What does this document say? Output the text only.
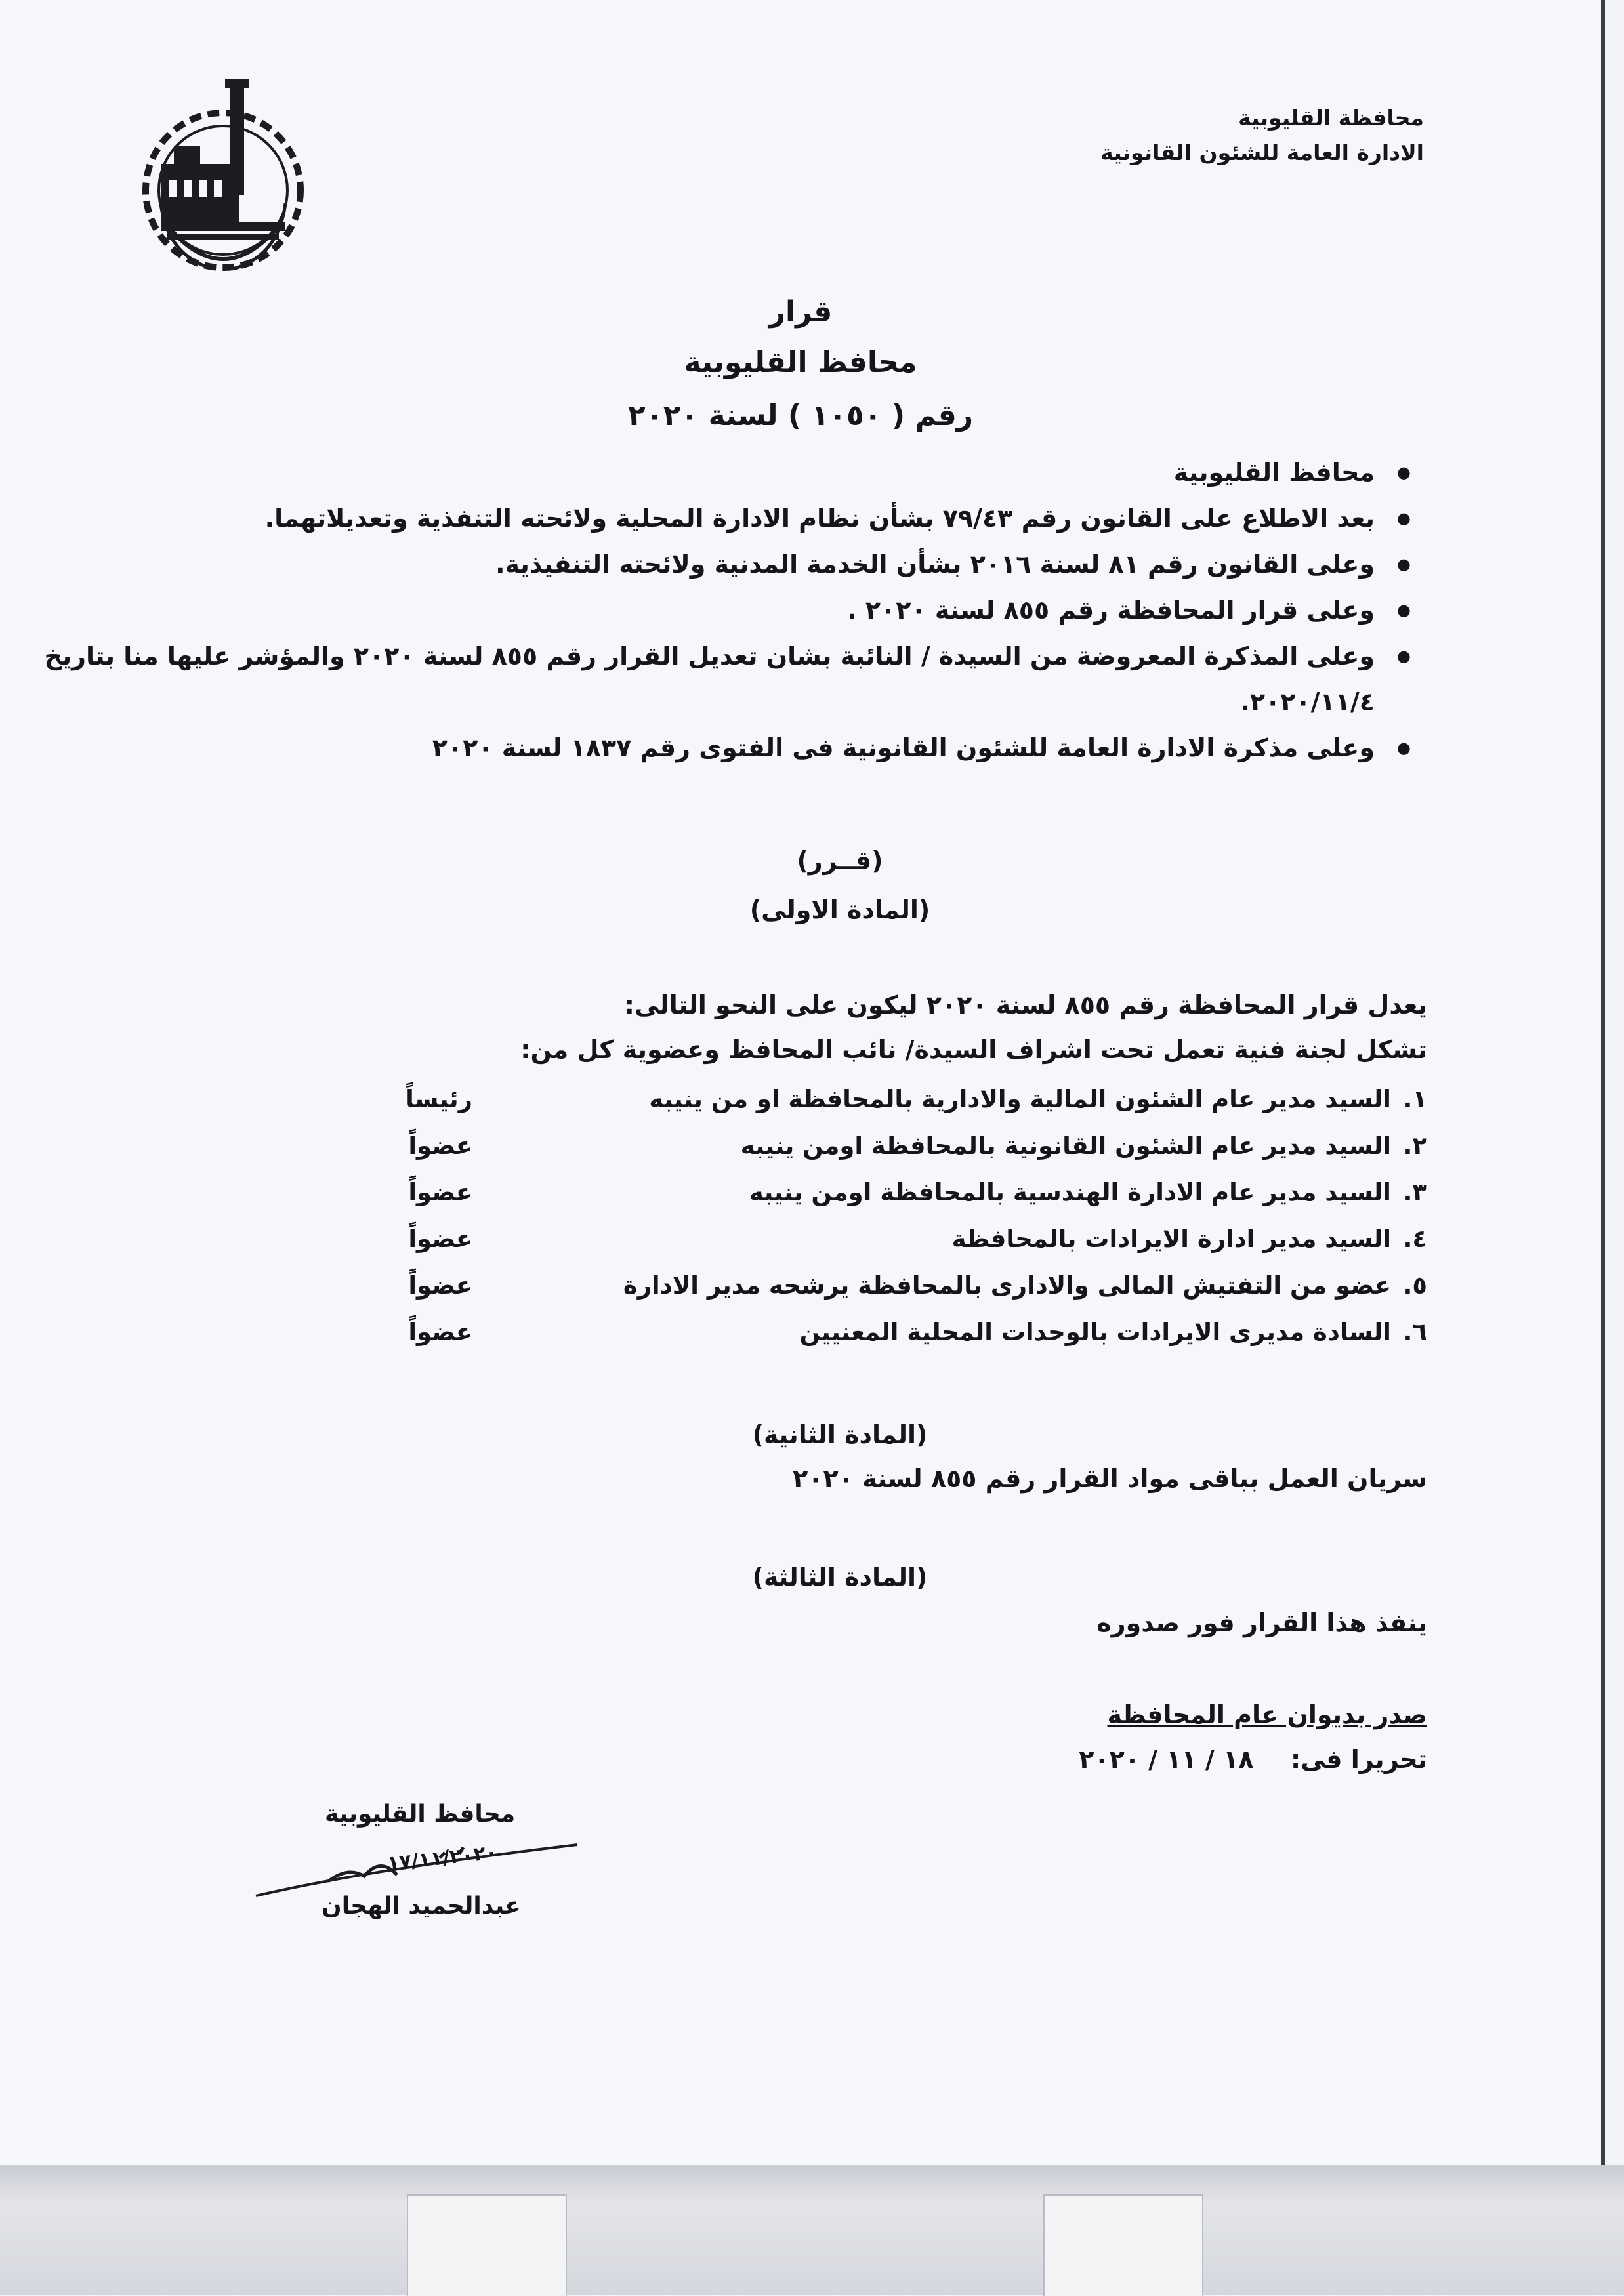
محافظة القليوبية
الادارة العامة للشئون القانونية
قرار
محافظ القليوبية
رقم ( ١٠٥٠ ) لسنة ٢٠٢٠
● محافظ القليوبية
● بعد الاطلاع على القانون رقم ٧٩/٤٣ بشأن نظام الادارة المحلية ولائحته التنفذية وتعديلاتهما.
● وعلى القانون رقم ٨١ لسنة ٢٠١٦ بشأن الخدمة المدنية ولائحته التنفيذية.
● وعلى قرار المحافظة رقم ٨٥٥ لسنة ٢٠٢٠ .
● وعلى المذكرة المعروضة من السيدة / النائبة بشان تعديل القرار رقم ٨٥٥ لسنة ٢٠٢٠ والمؤشر عليها منا بتاريخ ٢٠٢٠/١١/٤.
● وعلى مذكرة الادارة العامة للشئون القانونية فى الفتوى رقم ١٨٣٧ لسنة ٢٠٢٠
(قــرر)
(المادة الاولى)
يعدل قرار المحافظة رقم ٨٥٥ لسنة ٢٠٢٠ ليكون على النحو التالى:
تشكل لجنة فنية تعمل تحت اشراف السيدة/ نائب المحافظ وعضوية كل من:
١.
السيد مدير عام الشئون المالية والادارية بالمحافظة او من ينيبه
رئيساً
٢.
السيد مدير عام الشئون القانونية بالمحافظة اومن ينيبه
عضواً
٣.
السيد مدير عام الادارة الهندسية بالمحافظة اومن ينيبه
عضواً
٤.
السيد مدير ادارة الايرادات بالمحافظة
عضواً
٥.
عضو من التفتيش المالى والادارى بالمحافظة يرشحه مدير الادارة
عضواً
٦.
السادة مديرى الايرادات بالوحدات المحلية المعنيين
عضواً
(المادة الثانية)
سريان العمل بباقى مواد القرار رقم ٨٥٥ لسنة ٢٠٢٠
(المادة الثالثة)
ينفذ هذا القرار فور صدوره
صدر بديوان عام المحافظة
تحريرا فى:  ١٨ / ١١ / ٢٠٢٠
محافظ القليوبية
١٧/١١/٢٠٢٠
عبدالحميد الهجان
